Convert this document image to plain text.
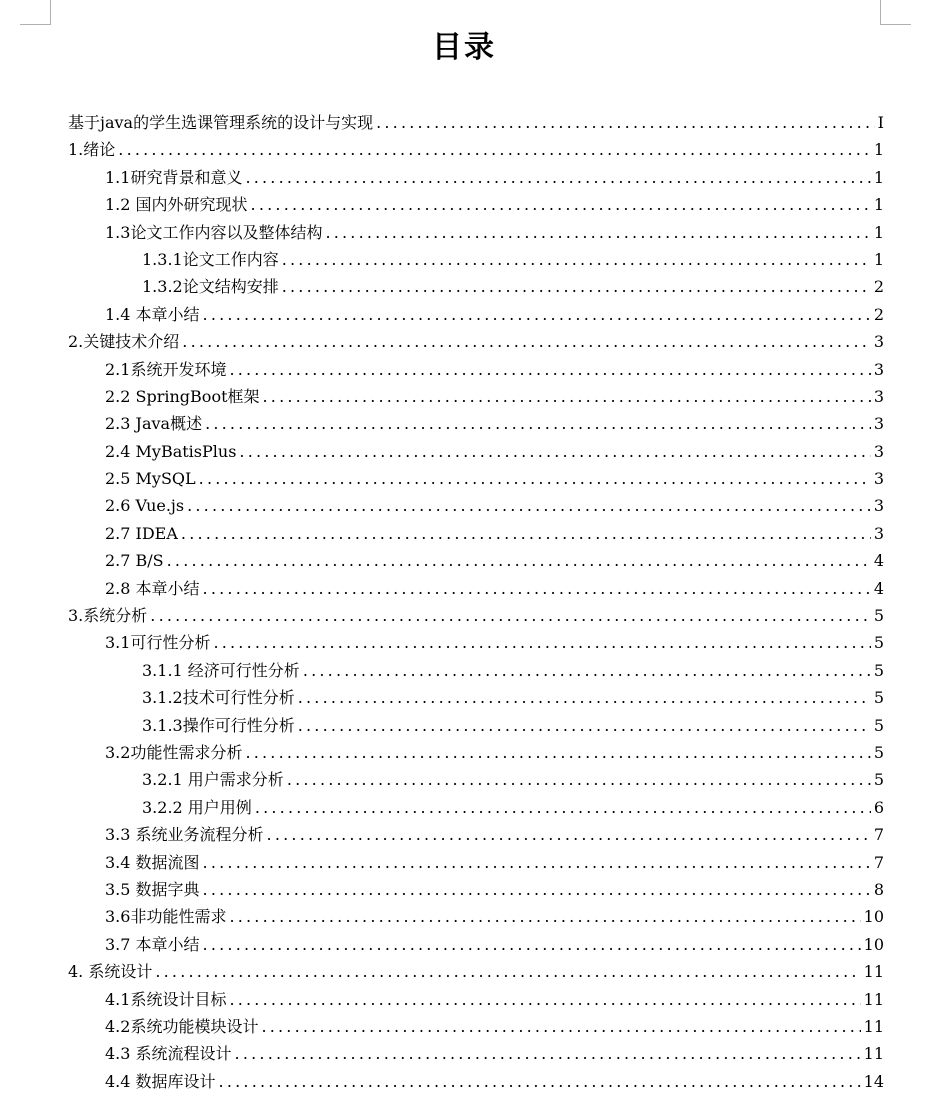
目录
基于java的学生选课管理系统的设计与实现 .....	I
1.绪论 .....	1
1.1研究背景和意义 .....	1
1.2 国内外研究现状 .....	1
1.3论文工作内容以及整体结构 .....	1
1.3.1论文工作内容 .....	1
1.3.2论文结构安排 .....	2
1.4 本章小结 .....	2
2.关键技术介绍 .....	3
2.1系统开发环境 .....	3
2.2 SpringBoot框架 .....	3
2.3 Java概述 .....	3
2.4 MyBatisPlus .....	3
2.5 MySQL .....	3
2.6 Vue.js .....	3
2.7 IDEA .....	3
2.7 B/S .....	4
2.8 本章小结 .....	4
3.系统分析 .....	5
3.1可行性分析 .....	5
3.1.1 经济可行性分析 .....	5
3.1.2技术可行性分析 .....	5
3.1.3操作可行性分析 .....	5
3.2功能性需求分析 .....	5
3.2.1 用户需求分析 .....	5
3.2.2 用户用例 .....	6
3.3 系统业务流程分析 .....	7
3.4 数据流图 .....	7
3.5 数据字典 .....	8
3.6非功能性需求 .....	10
3.7 本章小结 .....	10
4. 系统设计 .....	11
4.1系统设计目标 .....	11
4.2系统功能模块设计 .....	11
4.3 系统流程设计 .....	11
4.4 数据库设计 .....	14
